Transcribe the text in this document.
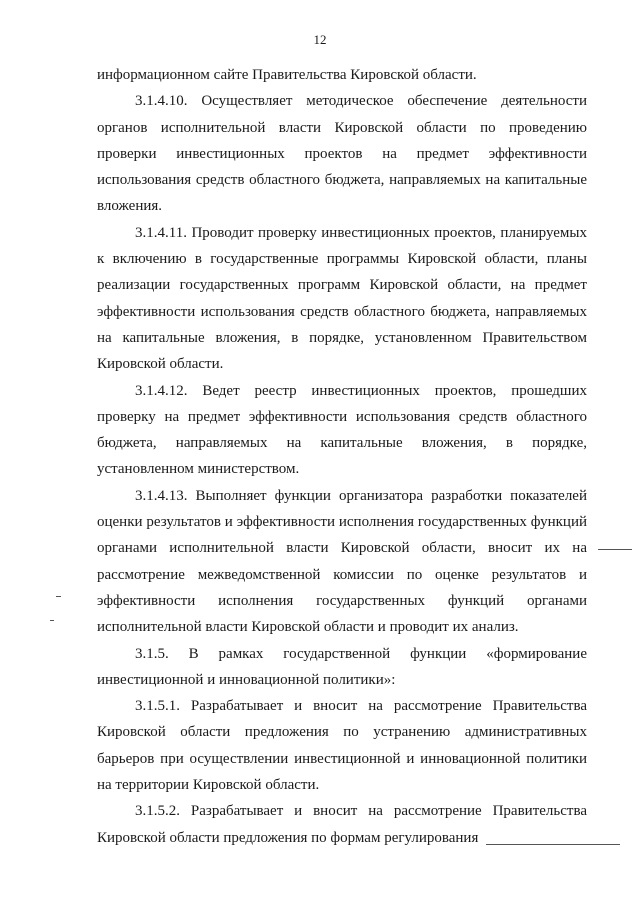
12

информационном сайте Правительства Кировской области.

3.1.4.10. Осуществляет методическое обеспечение деятельности органов исполнительной власти Кировской области по проведению проверки инвестиционных проектов на предмет эффективности использования средств областного бюджета, направляемых на капитальные вложения.

3.1.4.11. Проводит проверку инвестиционных проектов, планируемых к включению в государственные программы Кировской области, планы реализации государственных программ Кировской области, на предмет эффективности использования средств областного бюджета, направляемых на капитальные вложения, в порядке, установленном Правительством Кировской области.

3.1.4.12. Ведет реестр инвестиционных проектов, прошедших проверку на предмет эффективности использования средств областного бюджета, направляемых на капитальные вложения, в порядке, установленном министерством.

3.1.4.13. Выполняет функции организатора разработки показателей оценки результатов и эффективности исполнения государственных функций органами исполнительной власти Кировской области, вносит их на рассмотрение межведомственной комиссии по оценке результатов и эффективности исполнения государственных функций органами исполнительной власти Кировской области и проводит их анализ.

3.1.5. В рамках государственной функции «формирование инвестиционной и инновационной политики»:

3.1.5.1. Разрабатывает и вносит на рассмотрение Правительства Кировской области предложения по устранению административных барьеров при осуществлении инвестиционной и инновационной политики на территории Кировской области.

3.1.5.2. Разрабатывает и вносит на рассмотрение Правительства Кировской области предложения по формам регулирования
